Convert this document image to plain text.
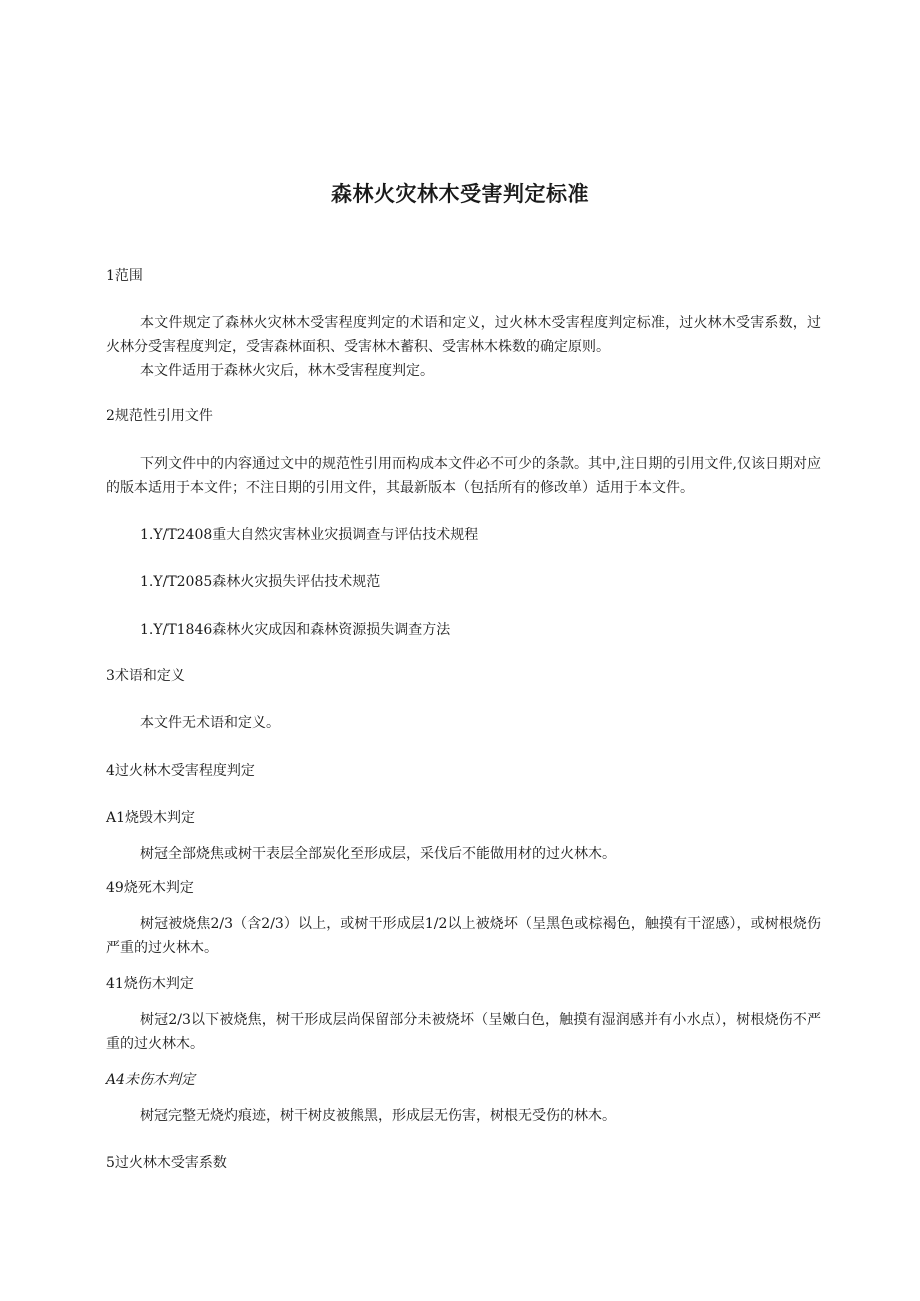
森林火灾林木受害判定标准

1范围

本文件规定了森林火灾林木受害程度判定的术语和定义，过火林木受害程度判定标准，过火林木受害系数，过火林分受害程度判定，受害森林面积、受害林木蓄积、受害林木株数的确定原则。

本文件适用于森林火灾后，林木受害程度判定。

2规范性引用文件

下列文件中的内容通过文中的规范性引用而构成本文件必不可少的条款。其中,注日期的引用文件,仅该日期对应的版本适用于本文件；不注日期的引用文件，其最新版本（包括所有的修改单）适用于本文件。

1.Y/T2408重大自然灾害林业灾损调查与评估技术规程

1.Y/T2085森林火灾损失评估技术规范

1.Y/T1846森林火灾成因和森林资源损失调查方法

3术语和定义

本文件无术语和定义。

4过火林木受害程度判定

A1烧毁木判定

树冠全部烧焦或树干表层全部炭化至形成层，采伐后不能做用材的过火林木。

49烧死木判定

树冠被烧焦2/3（含2/3）以上，或树干形成层1/2以上被烧坏（呈黑色或棕褐色，触摸有干涩感），或树根烧伤严重的过火林木。

41烧伤木判定

树冠2/3以下被烧焦，树干形成层尚保留部分未被烧坏（呈嫩白色，触摸有湿润感并有小水点），树根烧伤不严重的过火林木。

A4未伤木判定

树冠完整无烧灼痕迹，树干树皮被熊黑，形成层无伤害，树根无受伤的林木。

5过火林木受害系数
